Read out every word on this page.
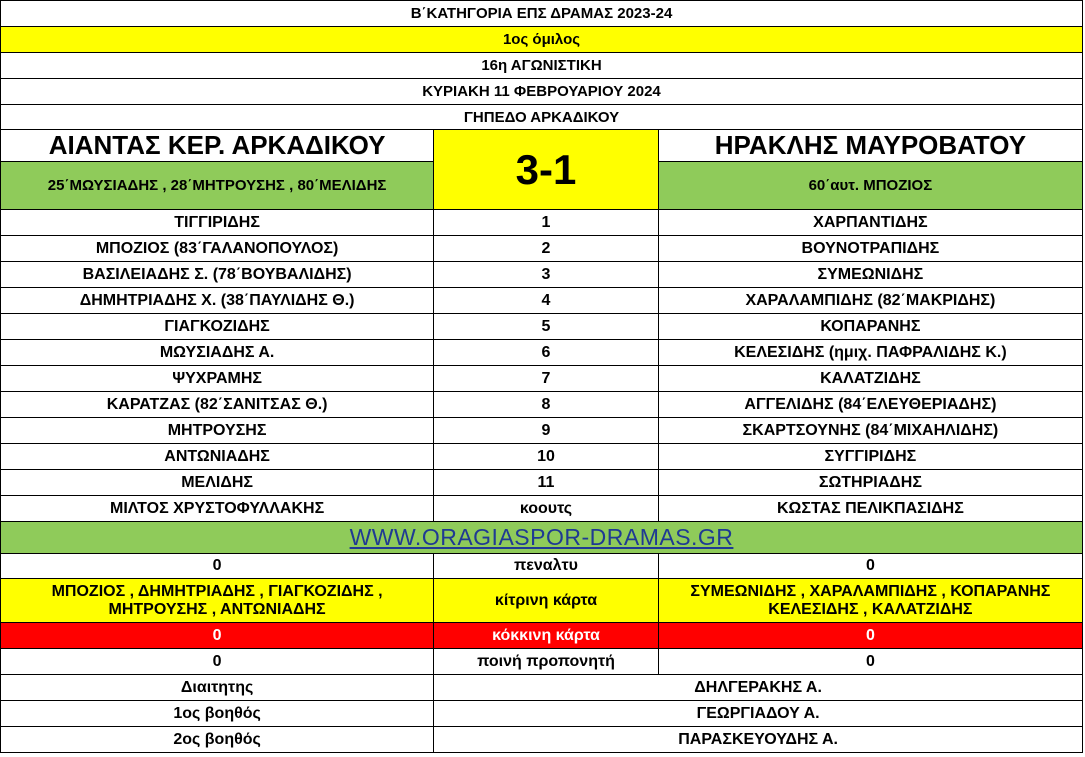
Β΄ΚΑΤΗΓΟΡΙΑ ΕΠΣ ΔΡΑΜΑΣ 2023-24		
1ος όμιλος		
16η ΑΓΩΝΙΣΤΙΚΗ		
ΚΥΡΙΑΚΗ 11 ΦΕΒΡΟΥΑΡΙΟΥ 2024		
ΓΗΠΕΔΟ ΑΡΚΑΔΙΚΟΥ		
ΑΙΑΝΤΑΣ ΚΕΡ. ΑΡΚΑΔΙΚΟΥ	3-1	ΗΡΑΚΛΗΣ ΜΑΥΡΟΒΑΤΟΥ
25΄ΜΩΥΣΙΑΔΗΣ , 28΄ΜΗΤΡΟΥΣΗΣ , 80΄ΜΕΛΙΔΗΣ		60΄αυτ. ΜΠΟΖΙΟΣ
ΤΙΓΓΙΡΙΔΗΣ	1	ΧΑΡΠΑΝΤΙΔΗΣ
ΜΠΟΖΙΟΣ (83΄ΓΑΛΑΝΟΠΟΥΛΟΣ)	2	ΒΟΥΝΟΤΡΑΠΙΔΗΣ
ΒΑΣΙΛΕΙΑΔΗΣ Σ. (78΄ΒΟΥΒΑΛΙΔΗΣ)	3	ΣΥΜΕΩΝΙΔΗΣ
ΔΗΜΗΤΡΙΑΔΗΣ Χ. (38΄ΠΑΥΛΙΔΗΣ Θ.)	4	ΧΑΡΑΛΑΜΠΙΔΗΣ (82΄ΜΑΚΡΙΔΗΣ)
ΓΙΑΓΚΟΖΙΔΗΣ	5	ΚΟΠΑΡΑΝΗΣ
ΜΩΥΣΙΑΔΗΣ Α.	6	ΚΕΛΕΣΙΔΗΣ (ημιχ. ΠΑΦΡΑΛΙΔΗΣ Κ.)
ΨΥΧΡΑΜΗΣ	7	ΚΑΛΑΤΖΙΔΗΣ
ΚΑΡΑΤΖΑΣ (82΄ΣΑΝΙΤΣΑΣ Θ.)	8	ΑΓΓΕΛΙΔΗΣ (84΄ΕΛΕΥΘΕΡΙΑΔΗΣ)
ΜΗΤΡΟΥΣΗΣ	9	ΣΚΑΡΤΣΟΥΝΗΣ (84΄ΜΙΧΑΗΛΙΔΗΣ)
ΑΝΤΩΝΙΑΔΗΣ	10	ΣΥΓΓΙΡΙΔΗΣ
ΜΕΛΙΔΗΣ	11	ΣΩΤΗΡΙΑΔΗΣ
ΜΙΛΤΟΣ ΧΡΥΣΤΟΦΥΛΛΑΚΗΣ	κοουτς	ΚΩΣΤΑΣ ΠΕΛΙΚΠΑΣΙΔΗΣ
WWW.ORAGIASPOR-DRAMAS.GR		
0	πεναλτυ	0
ΜΠΟΖΙΟΣ , ΔΗΜΗΤΡΙΑΔΗΣ , ΓΙΑΓΚΟΖΙΔΗΣ ,
ΜΗΤΡΟΥΣΗΣ , ΑΝΤΩΝΙΑΔΗΣ	κίτρινη κάρτα	ΣΥΜΕΩΝΙΔΗΣ , ΧΑΡΑΛΑΜΠΙΔΗΣ , ΚΟΠΑΡΑΝΗΣ
ΚΕΛΕΣΙΔΗΣ , ΚΑΛΑΤΖΙΔΗΣ
0	κόκκινη κάρτα	0
0	ποινή προπονητή	0
Διαιτητης	ΔΗΛΓΕΡΑΚΗΣ Α.	
1ος βοηθός	ΓΕΩΡΓΙΑΔΟΥ Α.	
2ος βοηθός	ΠΑΡΑΣΚΕΥΟΥΔΗΣ Α.	
